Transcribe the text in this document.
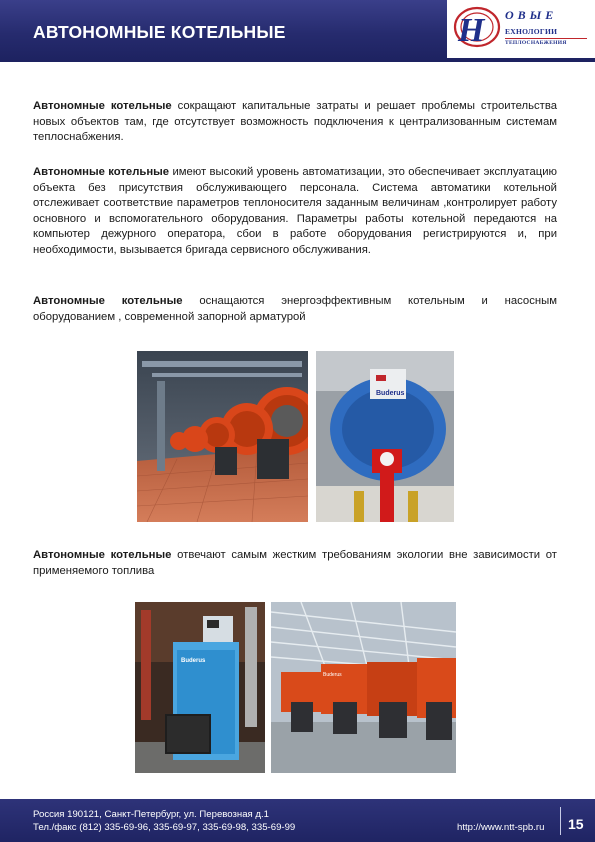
АВТОНОМНЫЕ КОТЕЛЬНЫЕ	H ОВЫЕ
ЕХНОЛОГИИ
ТЕПЛОСНАБЖЕНИЯ
Автономные котельные сокращают капитальные затраты и решает проблемы строительства новых объектов там, где отсутствует возможность подключения к централизованным системам теплоснабжения.
Автономные котельные имеют высокий уровень автоматизации, это обеспечивает эксплуатацию объекта без присутствия обслуживающего персонала. Система автоматики котельной отслеживает соответствие параметров теплоносителя заданным величинам ,контролирует работу основного и вспомогательного оборудования. Параметры работы котельной передаются на компьютер дежурного оператора, сбои в работе оборудования регистрируются и, при необходимости, вызывается бригада сервисного обслуживания.
Автономные котельные оснащаются энергоэффективным котельным и насосным оборудованием , современной запорной арматурой
Buderus
Автономные котельные отвечают самым жестким требованиям экологии вне зависимости от применяемого топлива
Buderus
Buderus
Россия 190121, Санкт-Петербург, ул. Перевозная д.1
Тел./факс (812) 335-69-96, 335-69-97, 335-69-98, 335-69-99	http://www.ntt-spb.ru 15
